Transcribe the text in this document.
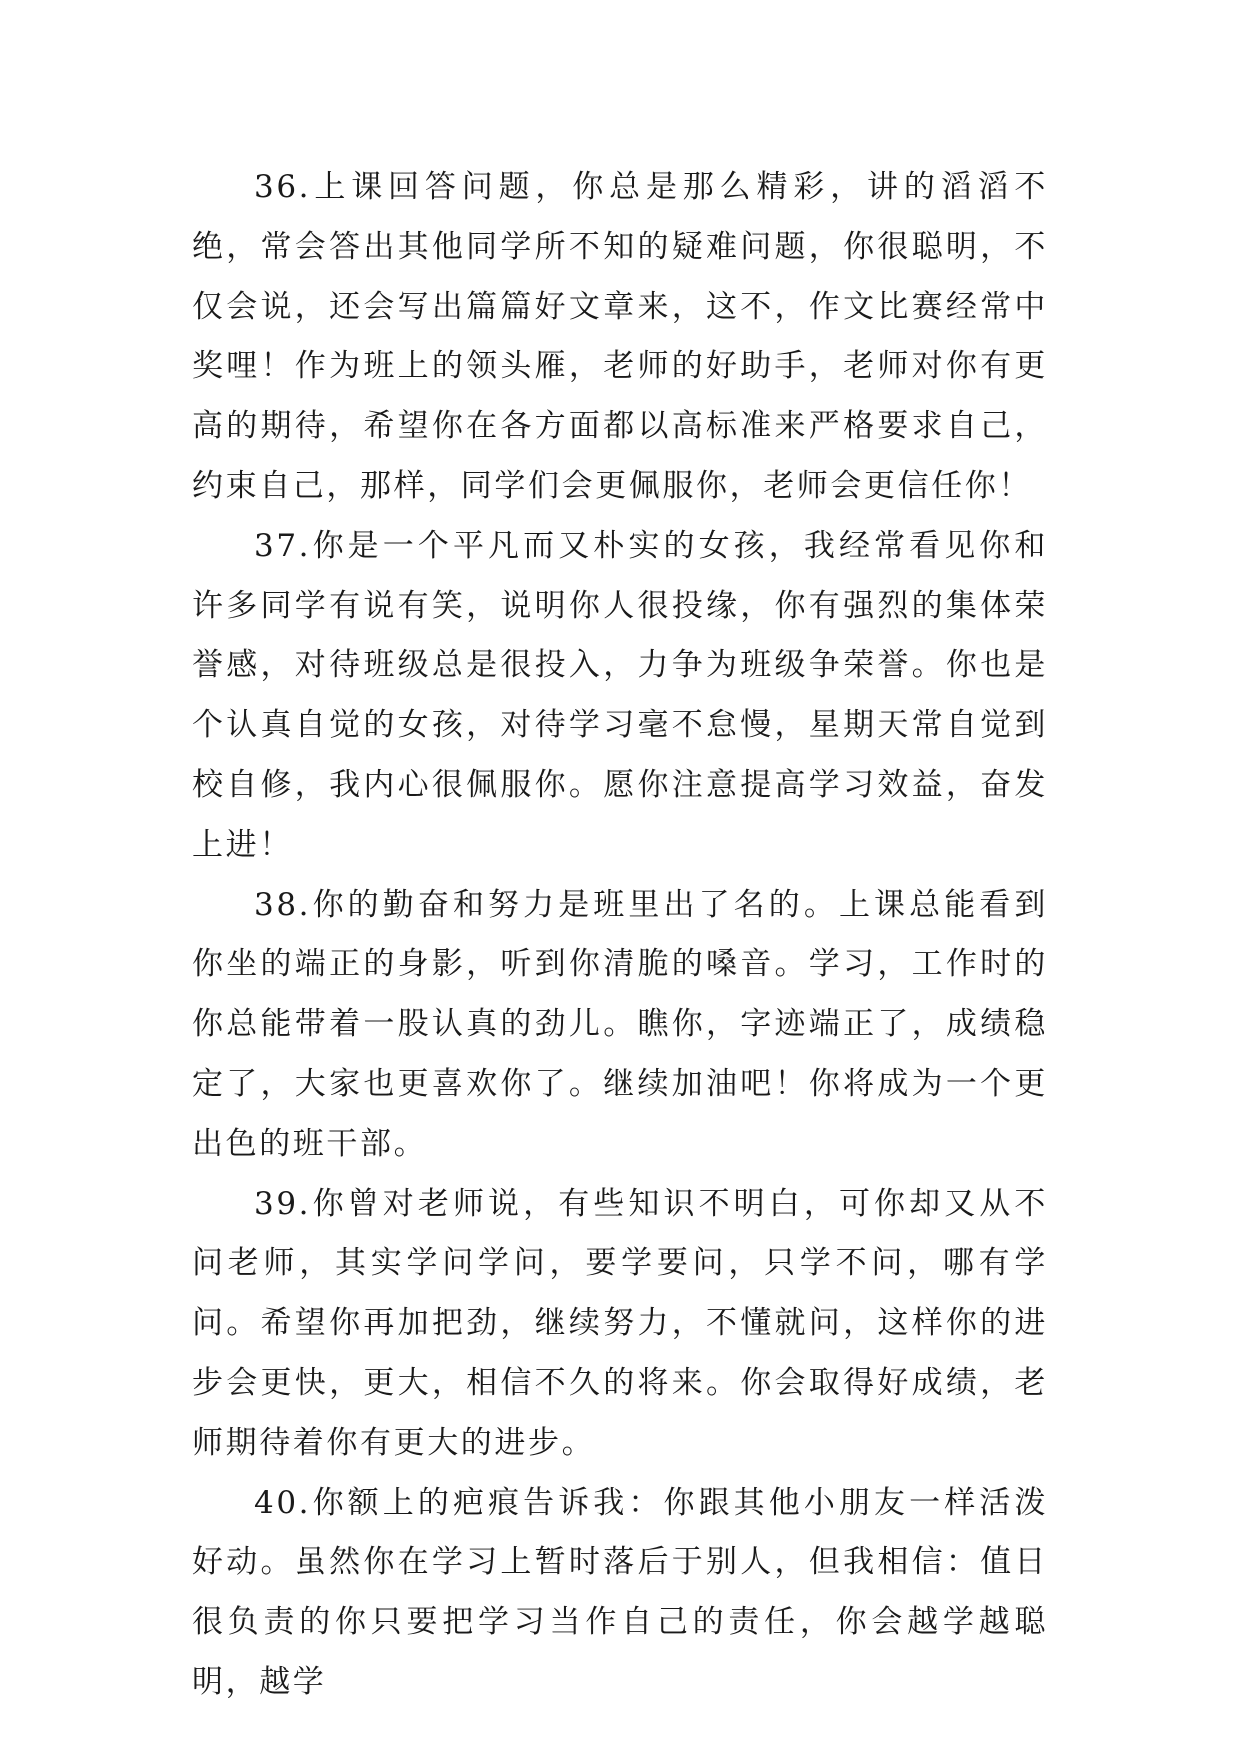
36.上课回答问题，你总是那么精彩，讲的滔滔不绝，常会答出其他同学所不知的疑难问题，你很聪明，不仅会说，还会写出篇篇好文章来，这不，作文比赛经常中奖哩！作为班上的领头雁，老师的好助手，老师对你有更高的期待，希望你在各方面都以高标准来严格要求自己，约束自己，那样，同学们会更佩服你，老师会更信任你！

37.你是一个平凡而又朴实的女孩，我经常看见你和许多同学有说有笑，说明你人很投缘，你有强烈的集体荣誉感，对待班级总是很投入，力争为班级争荣誉。你也是个认真自觉的女孩，对待学习毫不怠慢，星期天常自觉到校自修，我内心很佩服你。愿你注意提高学习效益，奋发上进！

38.你的勤奋和努力是班里出了名的。上课总能看到你坐的端正的身影，听到你清脆的嗓音。学习，工作时的你总能带着一股认真的劲儿。瞧你，字迹端正了，成绩稳定了，大家也更喜欢你了。继续加油吧！你将成为一个更出色的班干部。

39.你曾对老师说，有些知识不明白，可你却又从不问老师，其实学问学问，要学要问，只学不问，哪有学问。希望你再加把劲，继续努力，不懂就问，这样你的进步会更快，更大，相信不久的将来。你会取得好成绩，老师期待着你有更大的进步。

40.你额上的疤痕告诉我：你跟其他小朋友一样活泼好动。虽然你在学习上暂时落后于别人，但我相信：值日很负责的你只要把学习当作自己的责任，你会越学越聪明，越学
